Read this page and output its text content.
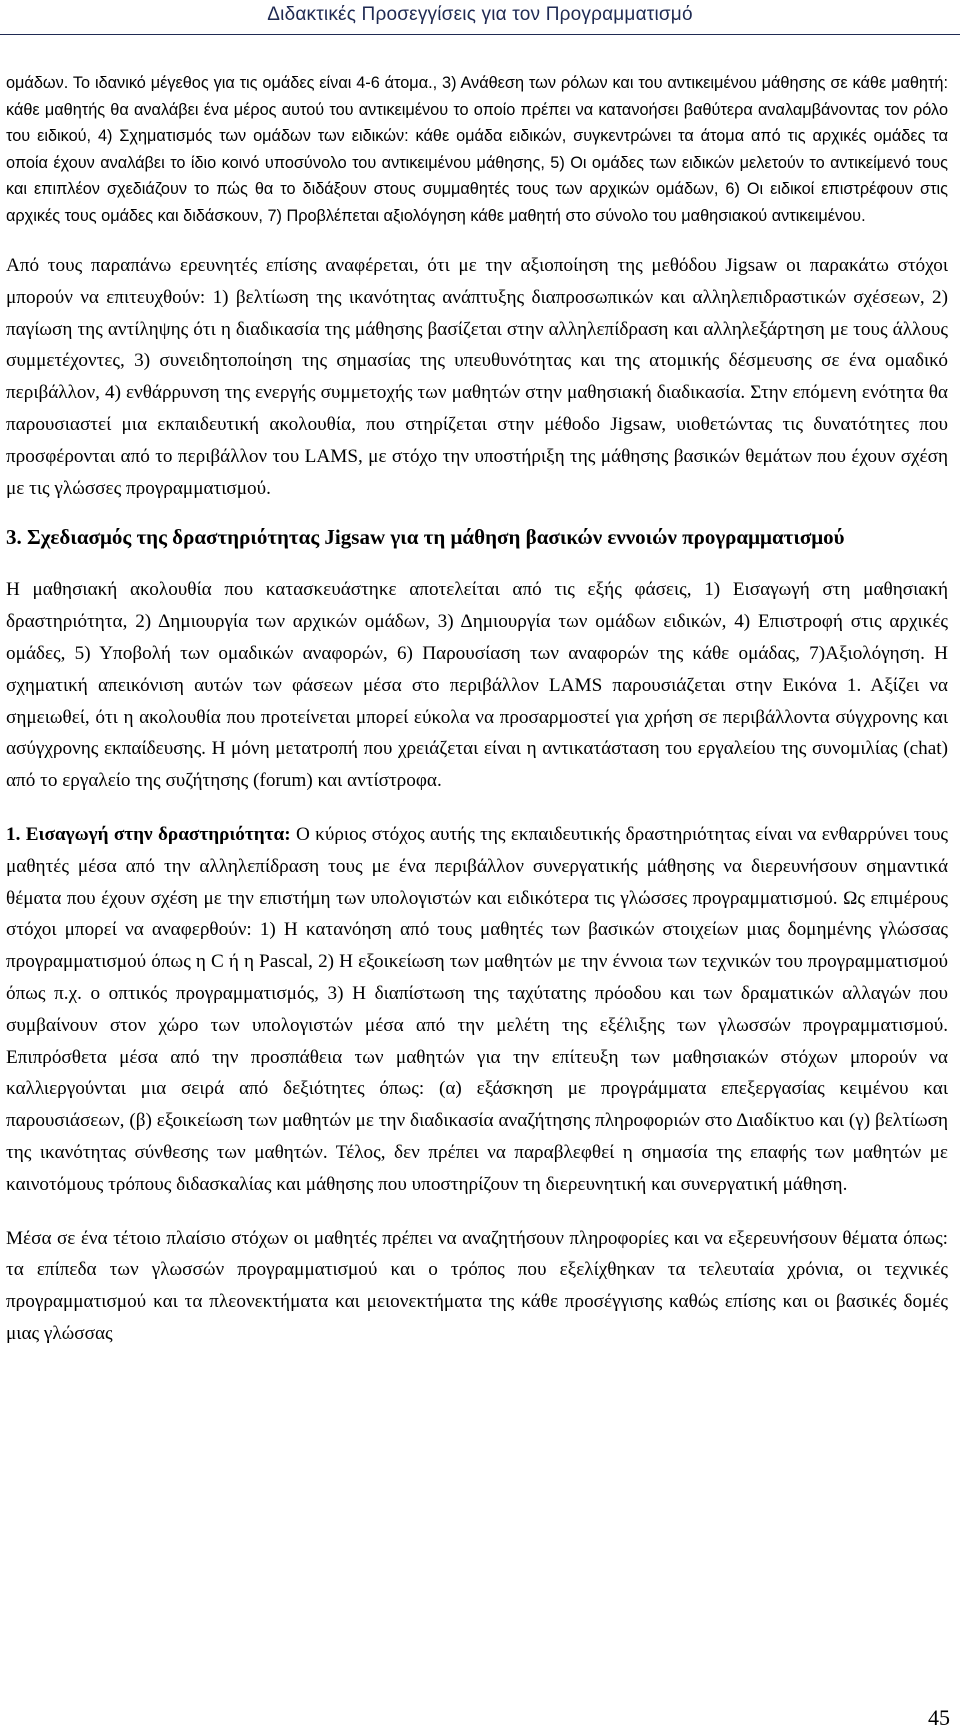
Διδακτικές Προσεγγίσεις για τον Προγραμματισμό

ομάδων. Το ιδανικό μέγεθος για τις ομάδες είναι 4-6 άτομα., 3) Ανάθεση των ρόλων και του αντικειμένου μάθησης σε κάθε μαθητή: κάθε μαθητής θα αναλάβει ένα μέρος αυτού του αντικειμένου το οποίο πρέπει να κατανοήσει βαθύτερα αναλαμβάνοντας τον ρόλο του ειδικού, 4) Σχηματισμός των ομάδων των ειδικών: κάθε ομάδα ειδικών, συγκεντρώνει τα άτομα από τις αρχικές ομάδες τα οποία έχουν αναλάβει το ίδιο κοινό υποσύνολο του αντικειμένου μάθησης, 5) Οι ομάδες των ειδικών μελετούν το αντικείμενό τους και επιπλέον σχεδιάζουν το πώς θα το διδάξουν στους συμμαθητές τους των αρχικών ομάδων, 6) Οι ειδικοί επιστρέφουν στις αρχικές τους ομάδες και διδάσκουν, 7) Προβλέπεται αξιολόγηση κάθε μαθητή στο σύνολο του μαθησιακού αντικειμένου.

Από τους παραπάνω ερευνητές επίσης αναφέρεται, ότι με την αξιοποίηση της μεθόδου Jigsaw οι παρακάτω στόχοι μπορούν να επιτευχθούν: 1) βελτίωση της ικανότητας ανάπτυξης διαπροσωπικών και αλληλεπιδραστικών σχέσεων, 2) παγίωση της αντίληψης ότι η διαδικασία της μάθησης βασίζεται στην αλληλεπίδραση και αλληλεξάρτηση με τους άλλους συμμετέχοντες, 3) συνειδητοποίηση της σημασίας της υπευθυνότητας και της ατομικής δέσμευσης σε ένα ομαδικό περιβάλλον, 4) ενθάρρυνση της ενεργής συμμετοχής των μαθητών στην μαθησιακή διαδικασία. Στην επόμενη ενότητα θα παρουσιαστεί μια εκπαιδευτική ακολουθία, που στηρίζεται στην μέθοδο Jigsaw, υιοθετώντας τις δυνατότητες που προσφέρονται από το περιβάλλον του LAMS, με στόχο την υποστήριξη της μάθησης βασικών θεμάτων που έχουν σχέση με τις γλώσσες προγραμματισμού.

3. Σχεδιασμός της δραστηριότητας Jigsaw για τη μάθηση βασικών εννοιών προγραμματισμού

Η μαθησιακή ακολουθία που κατασκευάστηκε αποτελείται από τις εξής φάσεις, 1) Εισαγωγή στη μαθησιακή δραστηριότητα, 2) Δημιουργία των αρχικών ομάδων, 3) Δημιουργία των ομάδων ειδικών, 4) Επιστροφή στις αρχικές ομάδες, 5) Υποβολή των ομαδικών αναφορών, 6) Παρουσίαση των αναφορών της κάθε ομάδας, 7)Αξιολόγηση. Η σχηματική απεικόνιση αυτών των φάσεων μέσα στο περιβάλλον LAMS παρουσιάζεται στην Εικόνα 1. Αξίζει να σημειωθεί, ότι η ακολουθία που προτείνεται μπορεί εύκολα να προσαρμοστεί για χρήση σε περιβάλλοντα σύγχρονης και ασύγχρονης εκπαίδευσης. Η μόνη μετατροπή που χρειάζεται είναι η αντικατάσταση του εργαλείου της συνομιλίας (chat) από το εργαλείο της συζήτησης (forum) και αντίστροφα.

1. Εισαγωγή στην δραστηριότητα: Ο κύριος στόχος αυτής της εκπαιδευτικής δραστηριότητας είναι να ενθαρρύνει τους μαθητές μέσα από την αλληλεπίδραση τους με ένα περιβάλλον συνεργατικής μάθησης να διερευνήσουν σημαντικά θέματα που έχουν σχέση με την επιστήμη των υπολογιστών και ειδικότερα τις γλώσσες προγραμματισμού. Ως επιμέρους στόχοι μπορεί να αναφερθούν: 1) Η κατανόηση από τους μαθητές των βασικών στοιχείων μιας δομημένης γλώσσας προγραμματισμού όπως η C ή η Pascal, 2) Η εξοικείωση των μαθητών με την έννοια των τεχνικών του προγραμματισμού όπως π.χ. ο οπτικός προγραμματισμός, 3) Η διαπίστωση της ταχύτατης πρόοδου και των δραματικών αλλαγών που συμβαίνουν στον χώρο των υπολογιστών μέσα από την μελέτη της εξέλιξης των γλωσσών προγραμματισμού. Επιπρόσθετα μέσα από την προσπάθεια των μαθητών για την επίτευξη των μαθησιακών στόχων μπορούν να καλλιεργούνται μια σειρά από δεξιότητες όπως: (α) εξάσκηση με προγράμματα επεξεργασίας κειμένου και παρουσιάσεων, (β) εξοικείωση των μαθητών με την διαδικασία αναζήτησης πληροφοριών στο Διαδίκτυο και (γ) βελτίωση της ικανότητας σύνθεσης των μαθητών. Τέλος, δεν πρέπει να παραβλεφθεί η σημασία της επαφής των μαθητών με καινοτόμους τρόπους διδασκαλίας και μάθησης που υποστηρίζουν τη διερευνητική και συνεργατική μάθηση.

Μέσα σε ένα τέτοιο πλαίσιο στόχων οι μαθητές πρέπει να αναζητήσουν πληροφορίες και να εξερευνήσουν θέματα όπως: τα επίπεδα των γλωσσών προγραμματισμού και ο τρόπος που εξελίχθηκαν τα τελευταία χρόνια, οι τεχνικές προγραμματισμού και τα πλεονεκτήματα και μειονεκτήματα της κάθε προσέγγισης καθώς επίσης και οι βασικές δομές μιας γλώσσας

45
